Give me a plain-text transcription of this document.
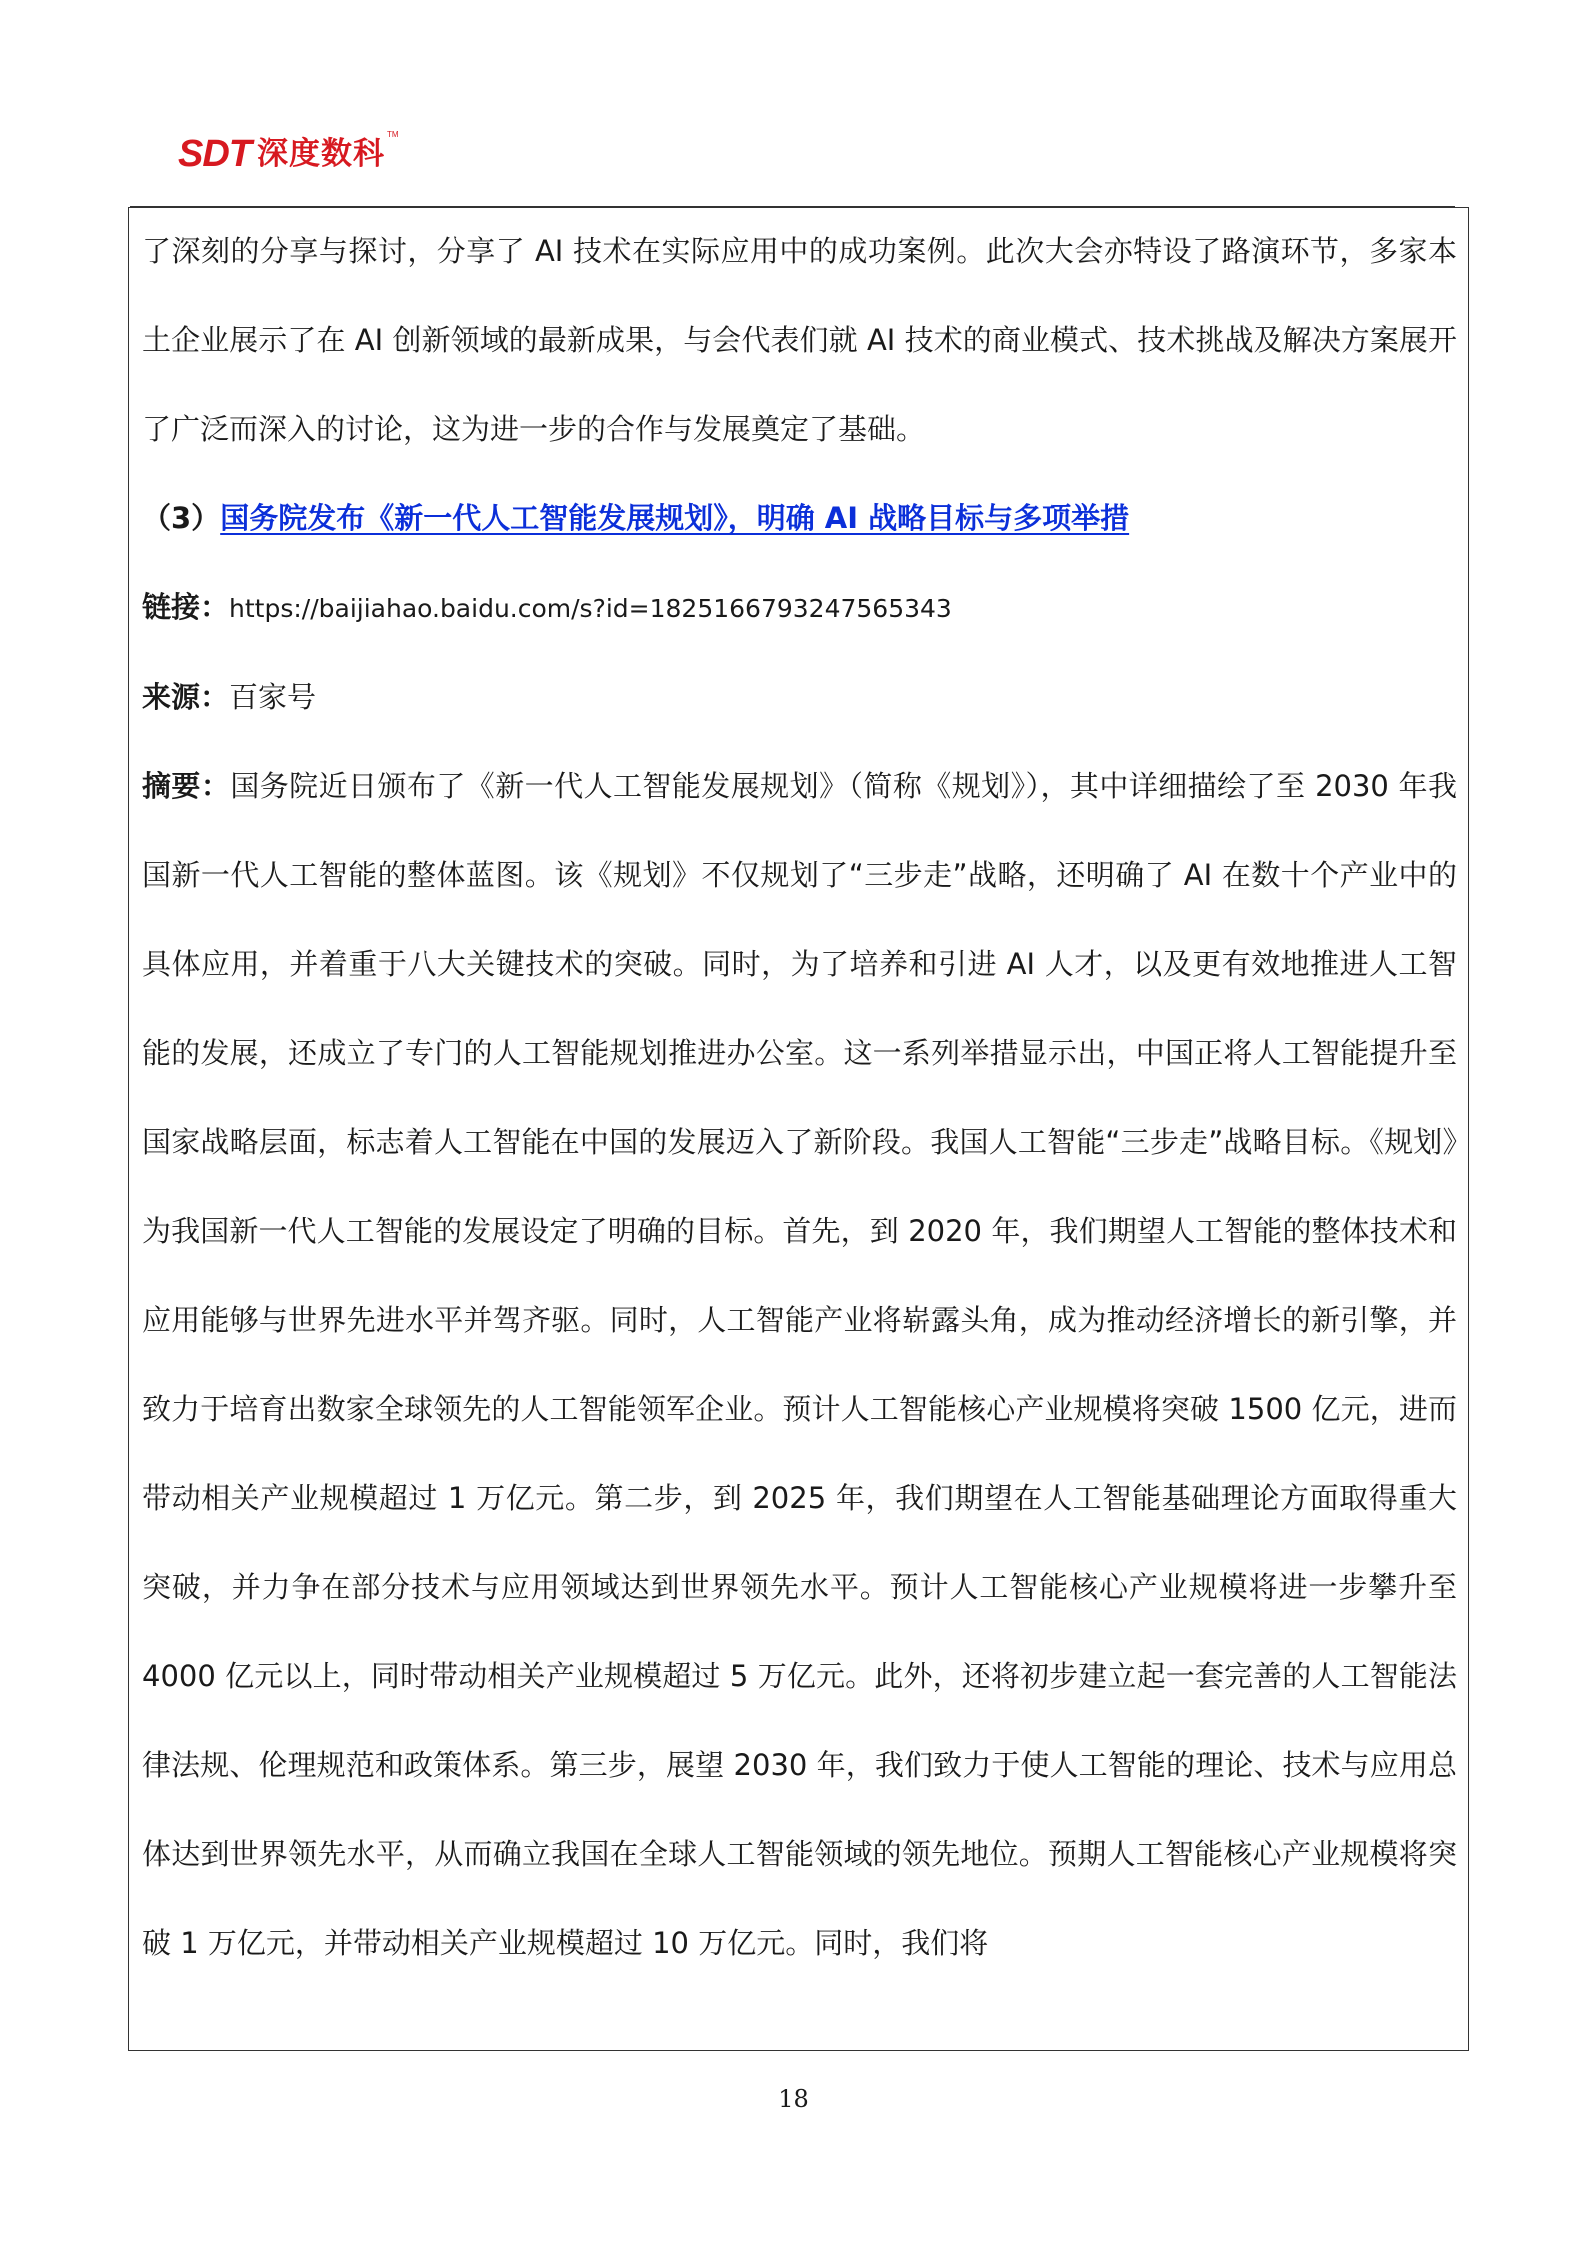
SDT 深度数科
TM

了深刻的分享与探讨，分享了 AI 技术在实际应用中的成功案例。此次大会亦特设了路演环节，多家本土企业展示了在 AI 创新领域的最新成果，与会代表们就 AI 技术的商业模式、技术挑战及解决方案展开了广泛而深入的讨论，这为进一步的合作与发展奠定了基础。

（3）国务院发布《新一代人工智能发展规划》，明确 AI 战略目标与多项举措

链接：https://baijiahao.baidu.com/s?id=1825166793247565343

来源：百家号

摘要：国务院近日颁布了《新一代人工智能发展规划》（简称《规划》），其中详细描绘了至 2030 年我国新一代人工智能的整体蓝图。该《规划》不仅规划了“三步走”战略，还明确了 AI 在数十个产业中的具体应用，并着重于八大关键技术的突破。同时，为了培养和引进 AI 人才，以及更有效地推进人工智能的发展，还成立了专门的人工智能规划推进办公室。这一系列举措显示出，中国正将人工智能提升至国家战略层面，标志着人工智能在中国的发展迈入了新阶段。我国人工智能“三步走”战略目标。《规划》为我国新一代人工智能的发展设定了明确的目标。首先，到 2020 年，我们期望人工智能的整体技术和应用能够与世界先进水平并驾齐驱。同时，人工智能产业将崭露头角，成为推动经济增长的新引擎，并致力于培育出数家全球领先的人工智能领军企业。预计人工智能核心产业规模将突破 1500 亿元，进而带动相关产业规模超过 1 万亿元。第二步，到 2025 年，我们期望在人工智能基础理论方面取得重大突破，并力争在部分技术与应用领域达到世界领先水平。预计人工智能核心产业规模将进一步攀升至 4000 亿元以上，同时带动相关产业规模超过 5 万亿元。此外，还将初步建立起一套完善的人工智能法律法规、伦理规范和政策体系。第三步，展望 2030 年，我们致力于使人工智能的理论、技术与应用总体达到世界领先水平，从而确立我国在全球人工智能领域的领先地位。预期人工智能核心产业规模将突破 1 万亿元，并带动相关产业规模超过 10 万亿元。同时，我们将

18
